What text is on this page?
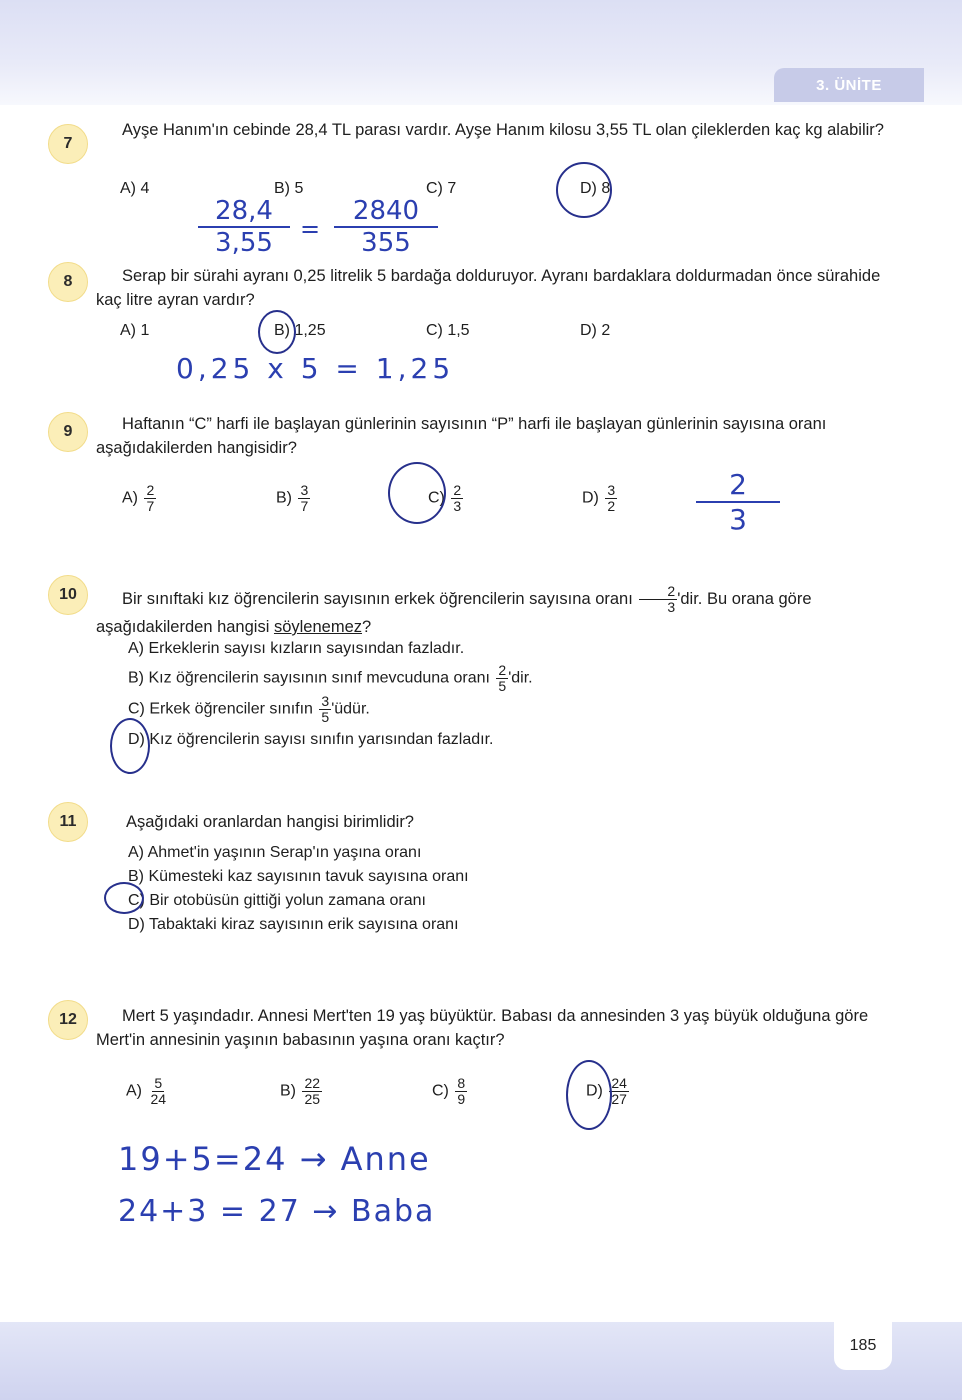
3. ÜNİTE
7
Ayşe Hanım'ın cebinde 28,4 TL parası vardır. Ayşe Hanım kilosu 3,55 TL olan çileklerden kaç kg alabilir?
A) 4	B) 5	C) 7	D) 8
28,4
3,55	=
2840
355
8	Serap bir sürahi ayranı 0,25 litrelik 5 bardağa dolduruyor. Ayranı bardaklara doldurmadan önce sürahide kaç litre ayran vardır?
A) 1	B) 1,25	C) 1,5	D) 2
0,25 x 5 = 1,25
9	Haftanın “C” harfi ile başlayan günlerinin sayısının “P” harfi ile başlayan günlerinin sayısına oranı aşağıdakilerden hangisidir?
$A) \frac{2}{7}$	$B) \frac{3}{7}$	$C) \frac{2}{3}$	$D) \frac{3}{2}$	2
3
10	Bir sınıftaki kız öğrencilerin sayısının erkek öğrencilerin sayısına oranı $\frac{2}{3}$ 'dir. Bu orana göre aşağıdakilerden hangisi söylenemez?
A) Erkeklerin sayısı kızların sayısından fazladır.
B) Kız öğrencilerin sayısının sınıf mevcuduna oranı $\frac{2}{5}$ 'dir.
C) Erkek öğrenciler sınıfın $\frac{3}{5}$ 'üdür.
D) Kız öğrencilerin sayısı sınıfın yarısından fazladır.
11	Aşağıdaki oranlardan hangisi birimlidir?
A) Ahmet'in yaşının Serap'ın yaşına oranı
B) Kümesteki kaz sayısının tavuk sayısına oranı
C) Bir otobüsün gittiği yolun zamana oranı
D) Tabaktaki kiraz sayısının erik sayısına oranı
12	Mert 5 yaşındadır. Annesi Mert'ten 19 yaş büyüktür. Babası da annesinden 3 yaş büyük olduğuna göre Mert'in annesinin yaşının babasının yaşına oranı kaçtır?
$A) \frac{5}{24}$	$B) \frac{22}{25}$	$C) \frac{8}{9}$	$D) \frac{24}{27}$
19+5=24 → Anne
24+3 = 27 → Baba
185
